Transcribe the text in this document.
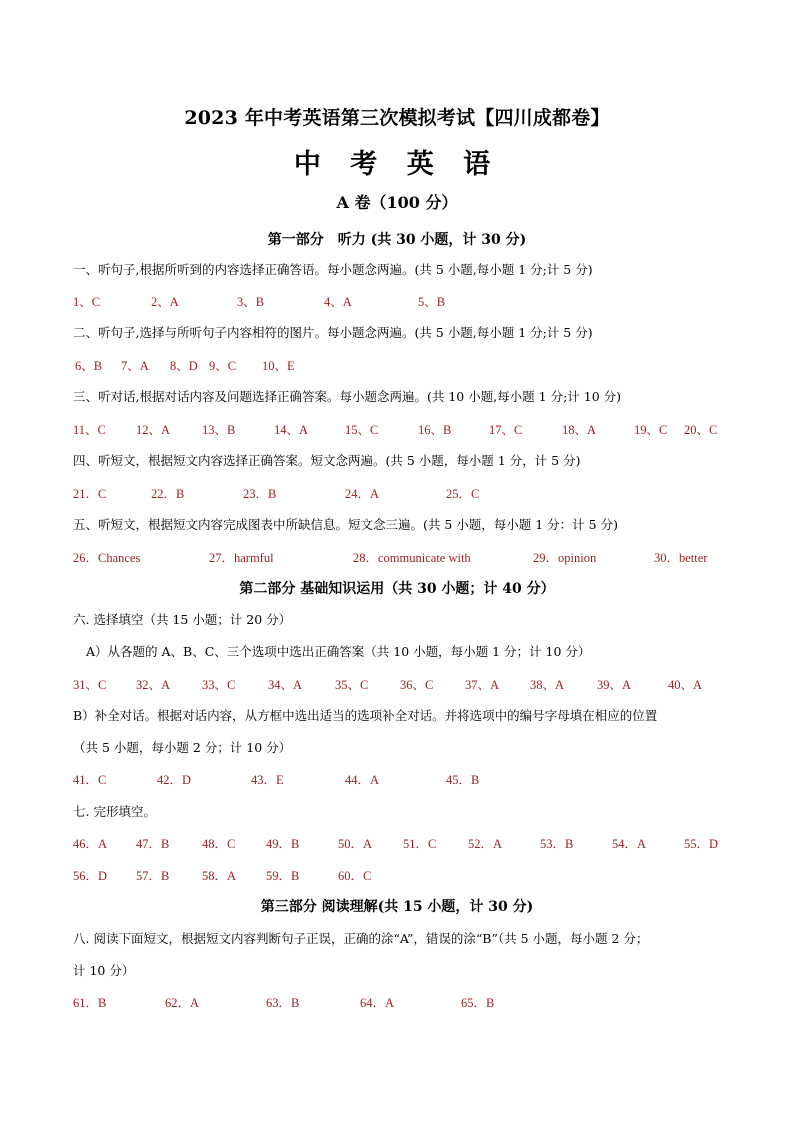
2023 年中考英语第三次模拟考试【四川成都卷】
中 考 英 语
A 卷（100 分）
第一部分　听力 (共 30 小题，计 30 分)
一、听句子,根据所听到的内容选择正确答语。每小题念两遍。(共 5 小题,每小题 1 分;计 5 分)
1、C	2、A	3、B	4、A	5、B
二、听句子,选择与所听句子内容相符的图片。每小题念两遍。(共 5 小题,每小题 1 分;计 5 分)
6、B 7、A 8、D 9、C 10、E
三、听对话,根据对话内容及问题选择正确答案。每小题念两遍。(共 10 小题,每小题 1 分;计 10 分)
11、C 12、A	13、B	14、A	15、C	16、B	17、C	18、A	19、C 20、C
四、听短文，根据短文内容选择正确答案。短文念两遍。(共 5 小题，每小题 1 分，计 5 分)
21．C	22．B	23．B	24．A	25．C
五、听短文，根据短文内容完成图表中所缺信息。短文念三遍。(共 5 小题，每小题 1 分：计 5 分)
26．Chances	27．harmful	28．communicate with	29．opinion	30．better
第二部分 基础知识运用（共 30 小题；计 40 分）
六. 选择填空（共 15 小题；计 20 分）
A）从各题的 A、B、C、三个选项中选出正确答案（共 10 小题，每小题 1 分；计 10 分）
31、C 32、A	33、C	34、A	35、C	36、C	37、A 38、A	39、A	40、A
B）补全对话。根据对话内容，从方框中选出适当的选项补全对话。并将选项中的编号字母填在相应的位置
（共 5 小题，每小题 2 分；计 10 分）
41．C	42．D	43．E	44．A	45．B
七. 完形填空。
46．A 47．B	48．C 49．B	50．A 51．C	52．A	53．B	54．A	55．D
56．D 57．B	58．A 59．B	60．C
第三部分 阅读理解(共 15 小题，计 30 分)
八. 阅读下面短文，根据短文内容判断句子正误，正确的涂“A”，错误的涂“B”（共 5 小题，每小题 2 分；
计 10 分）
61．B	62．A	63．B	64．A	65．B
